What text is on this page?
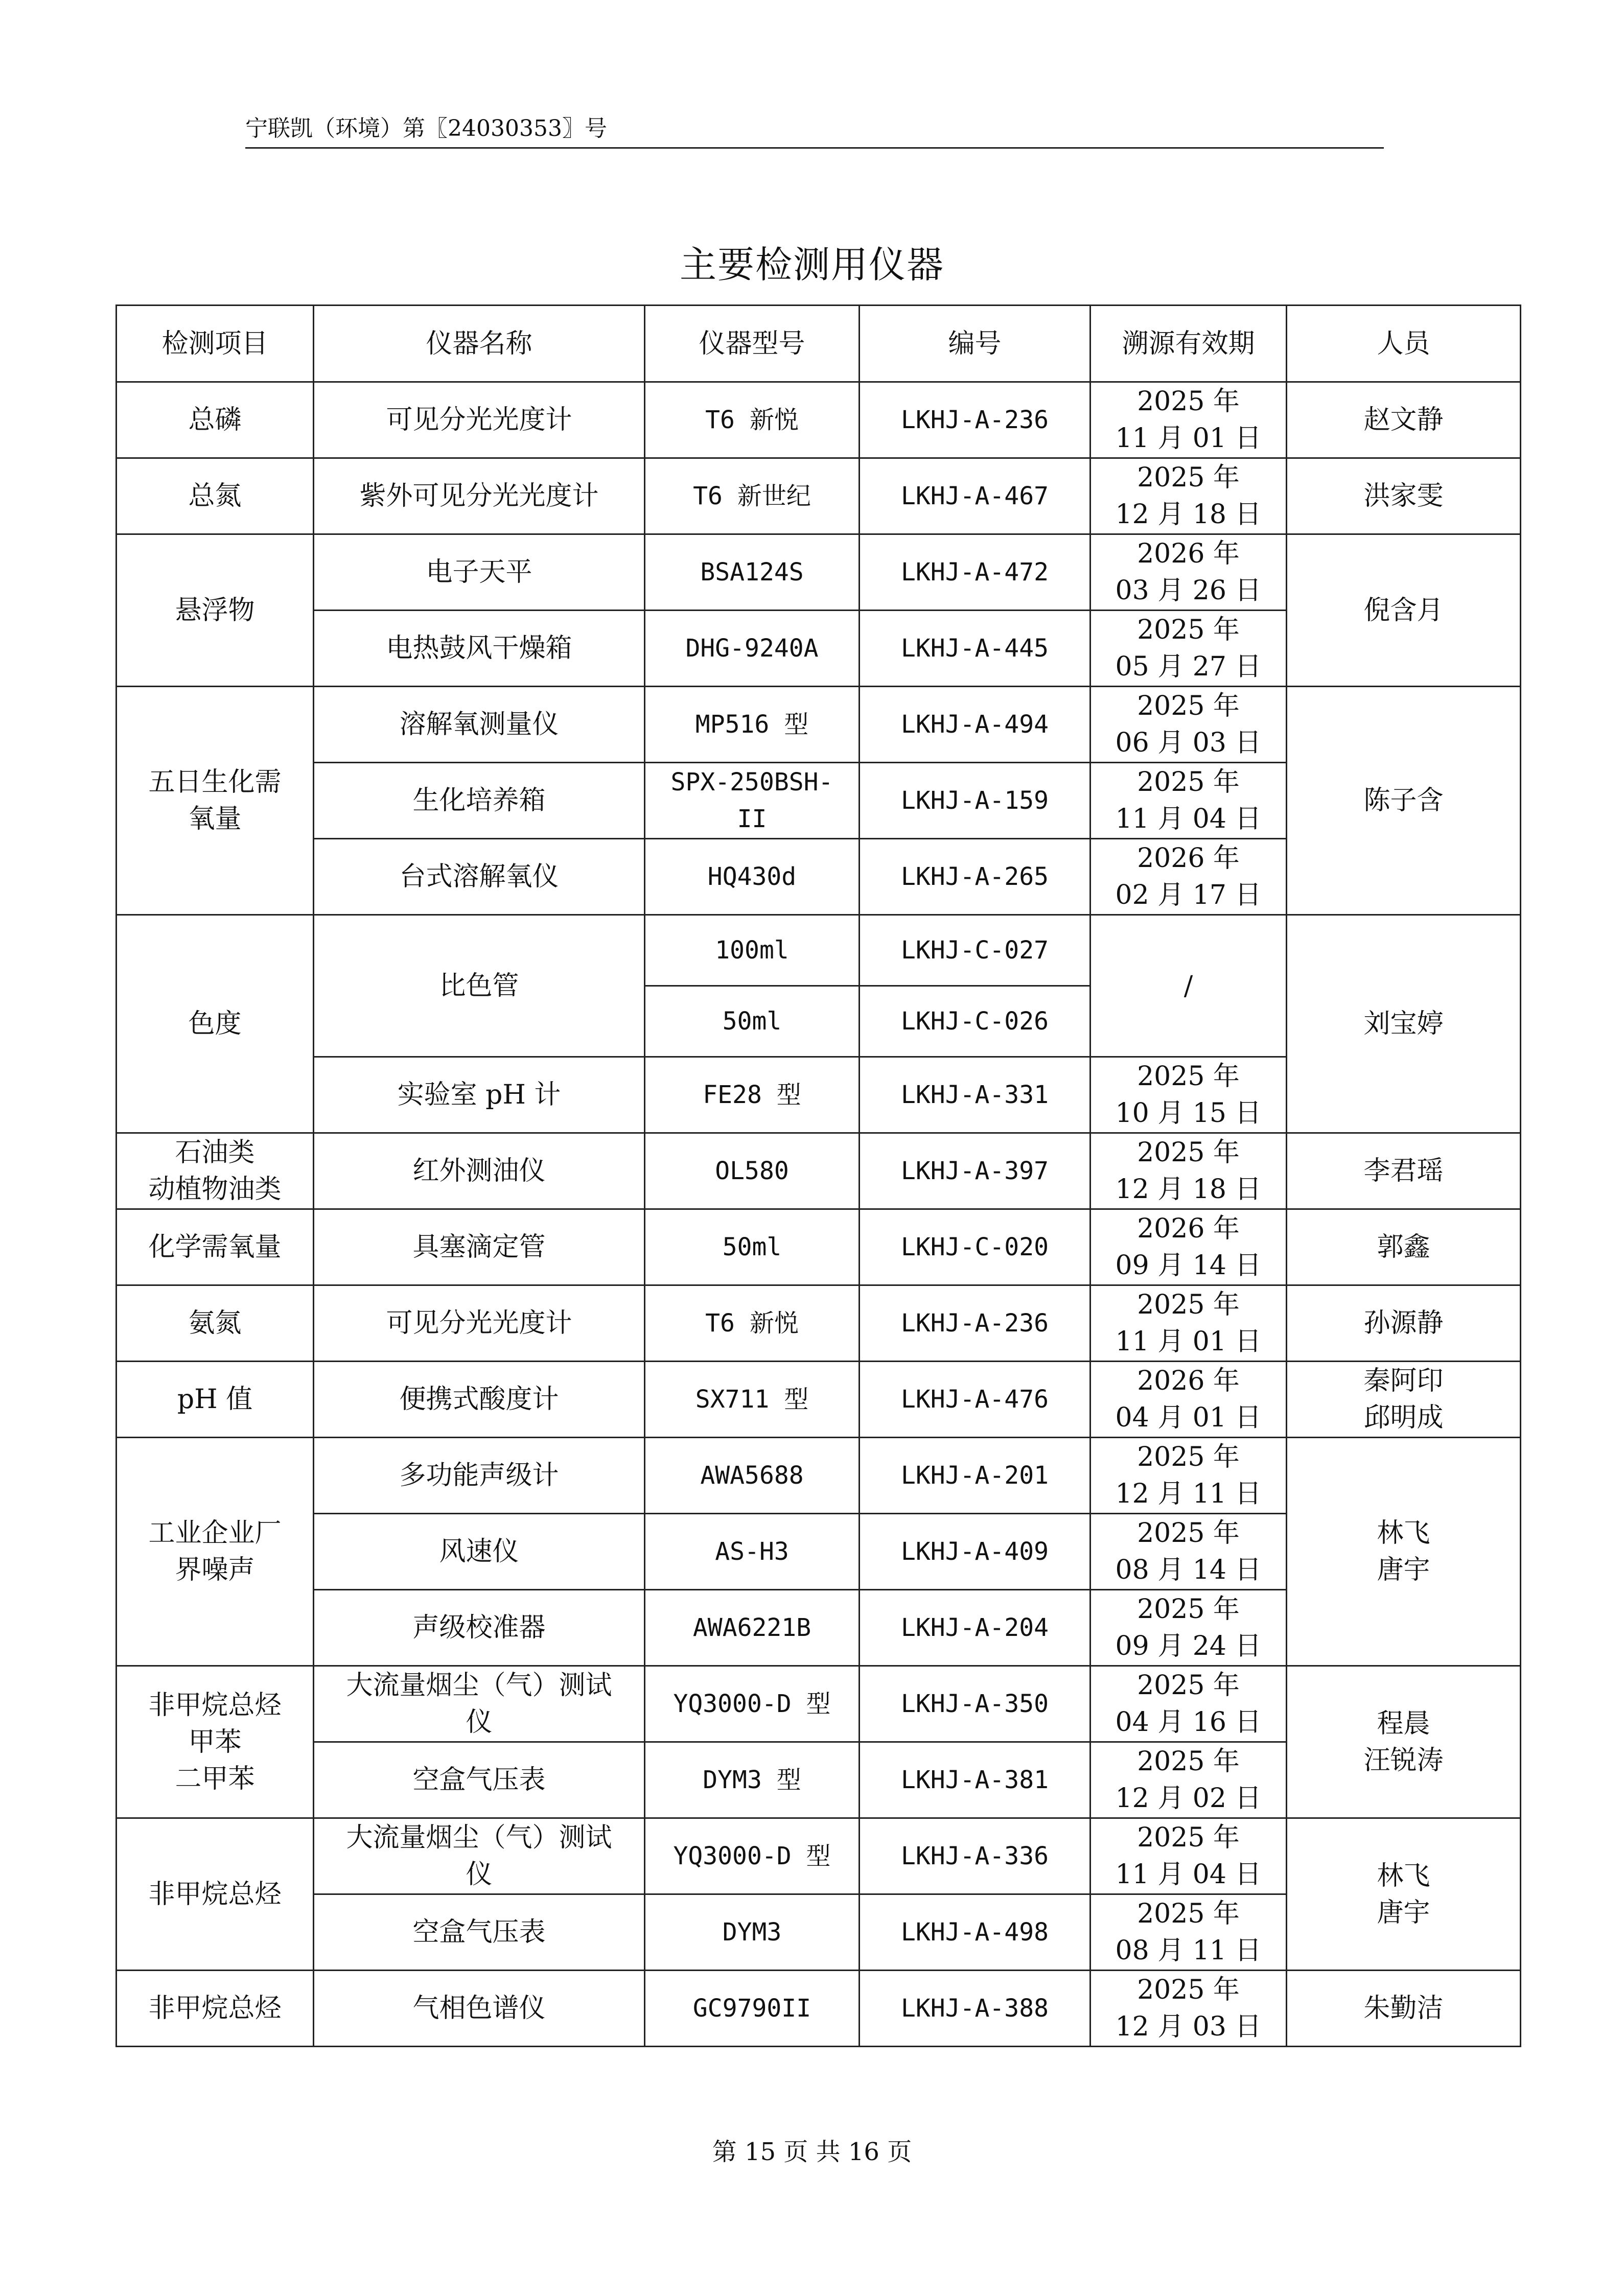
宁联凯（环境）第〖24030353〗号
主要检测用仪器
检测项目	仪器名称	仪器型号	编号	溯源有效期	人员

总磷	可见分光光度计	T6 新悦	LKHJ-A-236	2025 年
11 月 01 日	赵文静

总氮	紫外可见分光光度计	T6 新世纪	LKHJ-A-467	2025 年
12 月 18 日	洪家雯

悬浮物	电子天平	BSA124S	LKHJ-A-472	2026 年
03 月 26 日	倪含月

	电热鼓风干燥箱	DHG-9240A	LKHJ-A-445	2025 年
05 月 27 日	

五日生化需
氧量	溶解氧测量仪	MP516 型	LKHJ-A-494	2025 年
06 月 03 日	陈子含

	生化培养箱	SPX-250BSH-
II	LKHJ-A-159	2025 年
11 月 04 日	

	台式溶解氧仪	HQ430d	LKHJ-A-265	2026 年
02 月 17 日	

色度	比色管	100ml	LKHJ-C-027	/	刘宝婷

		50ml	LKHJ-C-026		

	实验室 pH 计	FE28 型	LKHJ-A-331	2025 年
10 月 15 日	

石油类
动植物油类	红外测油仪	OL580	LKHJ-A-397	2025 年
12 月 18 日	李君瑶

化学需氧量	具塞滴定管	50ml	LKHJ-C-020	2026 年
09 月 14 日	郭鑫

氨氮	可见分光光度计	T6 新悦	LKHJ-A-236	2025 年
11 月 01 日	孙源静

pH 值	便携式酸度计	SX711 型	LKHJ-A-476	2026 年
04 月 01 日	秦阿印
邱明成

工业企业厂
界噪声	多功能声级计	AWA5688	LKHJ-A-201	2025 年
12 月 11 日	林飞
唐宇

	风速仪	AS-H3	LKHJ-A-409	2025 年
08 月 14 日	

	声级校准器	AWA6221B	LKHJ-A-204	2025 年
09 月 24 日	

非甲烷总烃
甲苯
二甲苯	大流量烟尘（气）测试
仪	YQ3000-D 型	LKHJ-A-350	2025 年
04 月 16 日	程晨
汪锐涛

	空盒气压表	DYM3 型	LKHJ-A-381	2025 年
12 月 02 日	

非甲烷总烃	大流量烟尘（气）测试
仪	YQ3000-D 型	LKHJ-A-336	2025 年
11 月 04 日	林飞
唐宇

	空盒气压表	DYM3	LKHJ-A-498	2025 年
08 月 11 日	

非甲烷总烃	气相色谱仪	GC9790II	LKHJ-A-388	2025 年
12 月 03 日	朱勤洁
第 15 页 共 16 页
